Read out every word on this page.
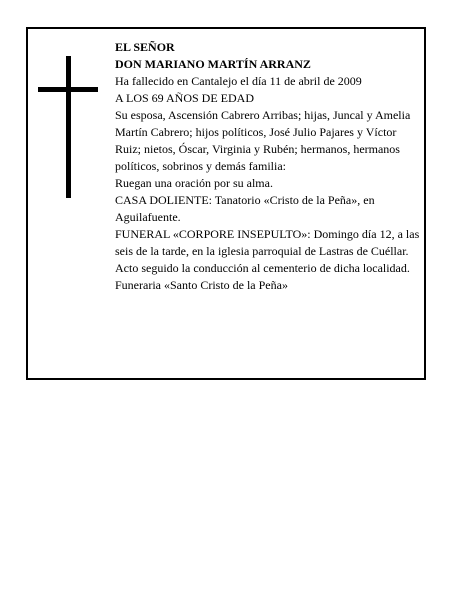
EL SEÑOR

DON MARIANO MARTÍN ARRANZ

Ha fallecido en Cantalejo el día 11 de abril de 2009

A LOS 69 AÑOS DE EDAD

Su esposa, Ascensión Cabrero Arribas; hijas, Juncal y Amelia Martín Cabrero; hijos políticos, José Julio Pajares y Víctor Ruiz; nietos, Óscar, Virginia y Rubén; hermanos, hermanos políticos, sobrinos y demás familia:

Ruegan una oración por su alma.

CASA DOLIENTE: Tanatorio «Cristo de la Peña», en Aguilafuente.

FUNERAL «CORPORE INSEPULTO»: Domingo día 12, a las seis de la tarde, en la iglesia parroquial de Lastras de Cuéllar. Acto seguido la conducción al cementerio de dicha localidad.

Funeraria «Santo Cristo de la Peña»
